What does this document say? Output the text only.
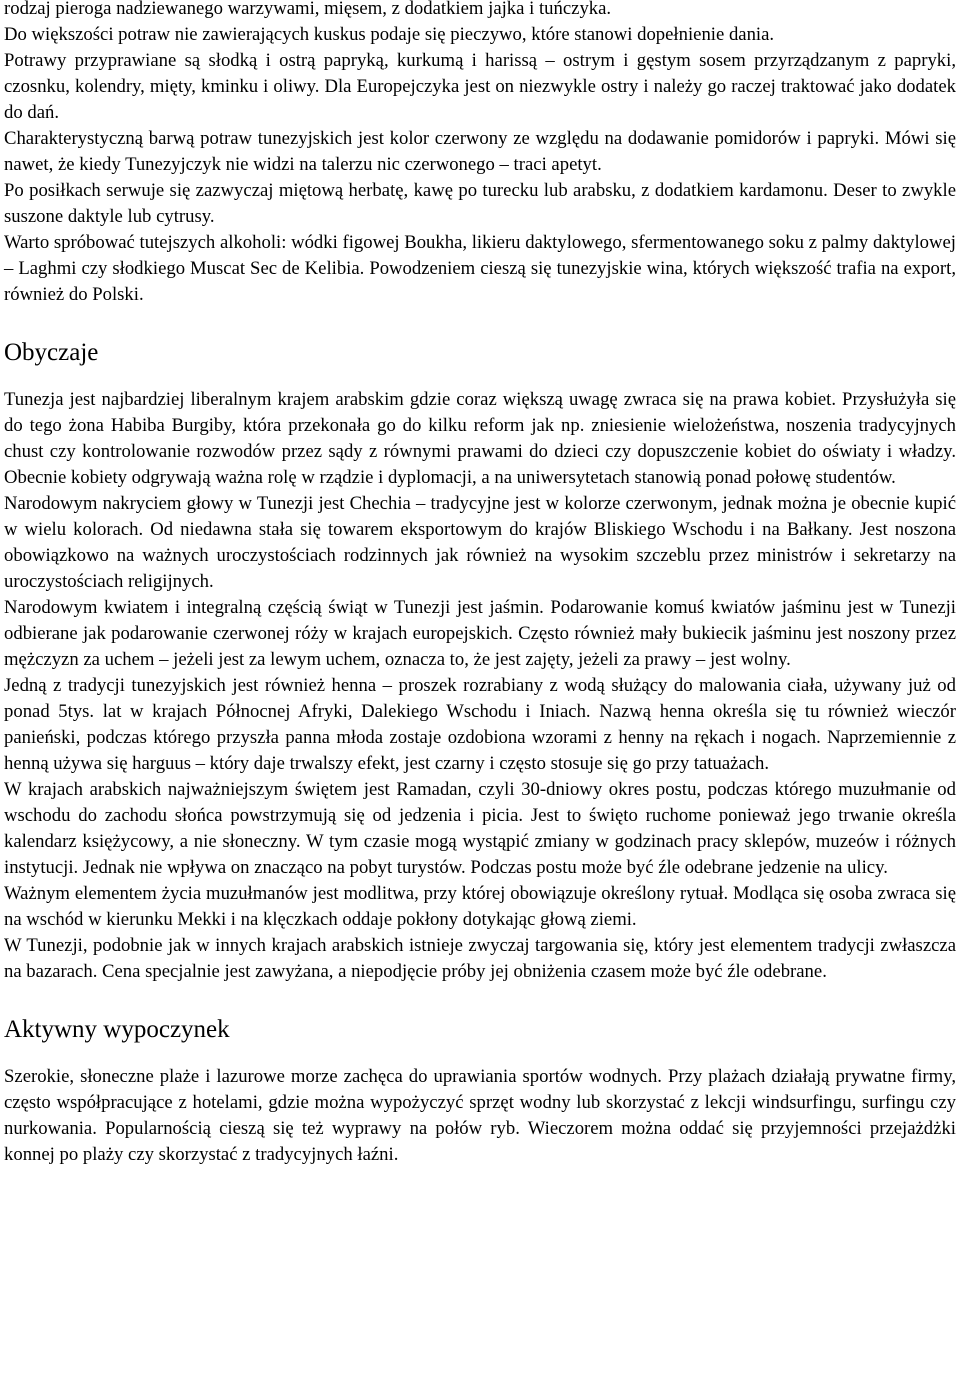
rodzaj pieroga nadziewanego warzywami, mięsem, z dodatkiem jajka i tuńczyka.

Do większości potraw nie zawierających kuskus podaje się pieczywo, które stanowi dopełnienie dania.

Potrawy przyprawiane są słodką i ostrą papryką, kurkumą i harissą – ostrym i gęstym sosem przyrządzanym z papryki, czosnku, kolendry, mięty, kminku i oliwy. Dla Europejczyka jest on niezwykle ostry i należy go raczej traktować jako dodatek do dań.

Charakterystyczną barwą potraw tunezyjskich jest kolor czerwony ze względu na dodawanie pomidorów i papryki. Mówi się nawet, że kiedy Tunezyjczyk nie widzi na talerzu nic czerwonego – traci apetyt.

Po posiłkach serwuje się zazwyczaj miętową herbatę, kawę po turecku lub arabsku, z dodatkiem kardamonu. Deser to zwykle suszone daktyle lub cytrusy.

Warto spróbować tutejszych alkoholi: wódki figowej Boukha, likieru daktylowego, sfermentowanego soku z palmy daktylowej – Laghmi czy słodkiego Muscat Sec de Kelibia. Powodzeniem cieszą się tunezyjskie wina, których większość trafia na export, również do Polski.

Obyczaje

Tunezja jest najbardziej liberalnym krajem arabskim gdzie coraz większą uwagę zwraca się na prawa kobiet. Przysłużyła się do tego żona Habiba Burgiby, która przekonała go do kilku reform jak np. zniesienie wielożeństwa, noszenia tradycyjnych chust czy kontrolowanie rozwodów przez sądy z równymi prawami do dzieci czy dopuszczenie kobiet do oświaty i władzy. Obecnie kobiety odgrywają ważna rolę w rządzie i dyplomacji, a na uniwersytetach stanowią ponad połowę studentów.

Narodowym nakryciem głowy w Tunezji jest Chechia – tradycyjne jest w kolorze czerwonym, jednak można je obecnie kupić w wielu kolorach. Od niedawna stała się towarem eksportowym do krajów Bliskiego Wschodu i na Bałkany. Jest noszona obowiązkowo na ważnych uroczystościach rodzinnych jak również na wysokim szczeblu przez ministrów i sekretarzy na uroczystościach religijnych.

Narodowym kwiatem i integralną częścią świąt w Tunezji jest jaśmin. Podarowanie komuś kwiatów jaśminu jest w Tunezji odbierane jak podarowanie czerwonej róży w krajach europejskich. Często również mały bukiecik jaśminu jest noszony przez mężczyzn za uchem – jeżeli jest za lewym uchem, oznacza to, że jest zajęty, jeżeli za prawy – jest wolny.

Jedną z tradycji tunezyjskich jest również henna – proszek rozrabiany z wodą służący do malowania ciała, używany już od ponad 5tys. lat w krajach Północnej Afryki, Dalekiego Wschodu i Iniach. Nazwą henna określa się tu również wieczór panieński, podczas którego przyszła panna młoda zostaje ozdobiona wzorami z henny na rękach i nogach. Naprzemiennie z henną używa się harguus – który daje trwalszy efekt, jest czarny i często stosuje się go przy tatuażach.

W krajach arabskich najważniejszym świętem jest Ramadan, czyli 30-dniowy okres postu, podczas którego muzułmanie od wschodu do zachodu słońca powstrzymują się od jedzenia i picia. Jest to święto ruchome ponieważ jego trwanie określa kalendarz księżycowy, a nie słoneczny. W tym czasie mogą wystąpić zmiany w godzinach pracy sklepów, muzeów i różnych instytucji. Jednak nie wpływa on znacząco na pobyt turystów. Podczas postu może być źle odebrane jedzenie na ulicy.

Ważnym elementem życia muzułmanów jest modlitwa, przy której obowiązuje określony rytuał. Modląca się osoba zwraca się na wschód w kierunku Mekki i na klęczkach oddaje pokłony dotykając głową ziemi.

W Tunezji, podobnie jak w innych krajach arabskich istnieje zwyczaj targowania się, który jest elementem tradycji zwłaszcza na bazarach. Cena specjalnie jest zawyżana, a niepodjęcie próby jej obniżenia czasem może być źle odebrane.

Aktywny wypoczynek

Szerokie, słoneczne plaże i lazurowe morze zachęca do uprawiania sportów wodnych. Przy plażach działają prywatne firmy, często współpracujące z hotelami, gdzie można wypożyczyć sprzęt wodny lub skorzystać z lekcji windsurfingu, surfingu czy nurkowania. Popularnością cieszą się też wyprawy na połów ryb. Wieczorem można oddać się przyjemności przejażdżki konnej po plaży czy skorzystać z tradycyjnych łaźni.
